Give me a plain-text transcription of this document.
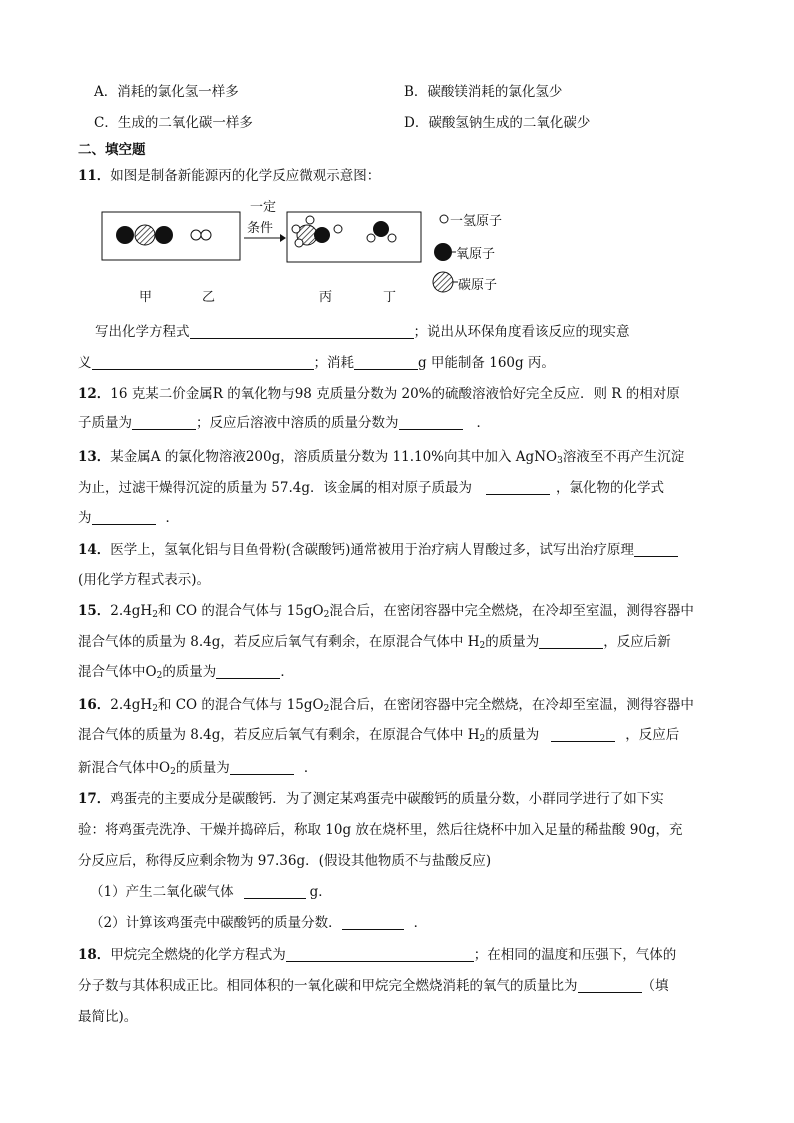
A．消耗的氯化氢一样多	B．碳酸镁消耗的氯化氢少
C．生成的二氧化碳一样多	D．碳酸氢钠生成的二氧化碳少
二、填空题
11．如图是制备新能源丙的化学反应微观示意图：
一定
条件	一氢原子
氧原子
碳原子
甲	乙	丙	丁
写出化学方程式	；说出从环保角度看该反应的现实意
义	；消耗	g 甲能制备 160g 丙。
12．16 克某二价金属R 的氧化物与98 克质量分数为 20%的硫酸溶液恰好完全反应．则 R 的相对原
子质量为	；反应后溶液中溶质的质量分数为	．
13．某金属A 的氯化物溶液200g，溶质质量分数为 11.10%向其中加入 AgNO$_3$溶液至不再产生沉淀
为止，过滤干燥得沉淀的质量为 57.4g．该金属的相对原子质最为	，氯化物的化学式
为	．
14．医学上，氢氧化铝与目鱼骨粉(含碳酸钙)通常被用于治疗病人胃酸过多，试写出治疗原理
(用化学方程式表示)。
15．$2.4gH_2$和 CO 的混合气体与 $15gO_2$混合后，在密闭容器中完全燃烧，在冷却至室温，测得容器中
混合气体的质量为 8.4g，若反应后氧气有剩余，在原混合气体中 $H_2$的质量为	，反应后新
混合气体中$O_2$的质量为	．
16．$2.4gH_2$和 CO 的混合气体与 $15gO_2$混合后，在密闭容器中完全燃烧，在冷却至室温，测得容器中
混合气体的质量为 8.4g，若反应后氧气有剩余，在原混合气体中 $H_2$的质量为	，反应后
新混合气体中$O_2$的质量为	．
17．鸡蛋壳的主要成分是碳酸钙．为了测定某鸡蛋壳中碳酸钙的质量分数，小群同学进行了如下实
验：将鸡蛋壳洗净、干燥并捣碎后，称取 10g 放在烧杯里，然后往烧杯中加入足量的稀盐酸 90g，充
分反应后，称得反应剩余物为 97.36g．(假设其他物质不与盐酸反应)
（1）产生二氧化碳气体	g．
（2）计算该鸡蛋壳中碳酸钙的质量分数．	．
18．甲烷完全燃烧的化学方程式为	；在相同的温度和压强下，气体的
分子数与其体积成正比。相同体积的一氧化碳和甲烷完全燃烧消耗的氧气的质量比为	（填
最简比)。
